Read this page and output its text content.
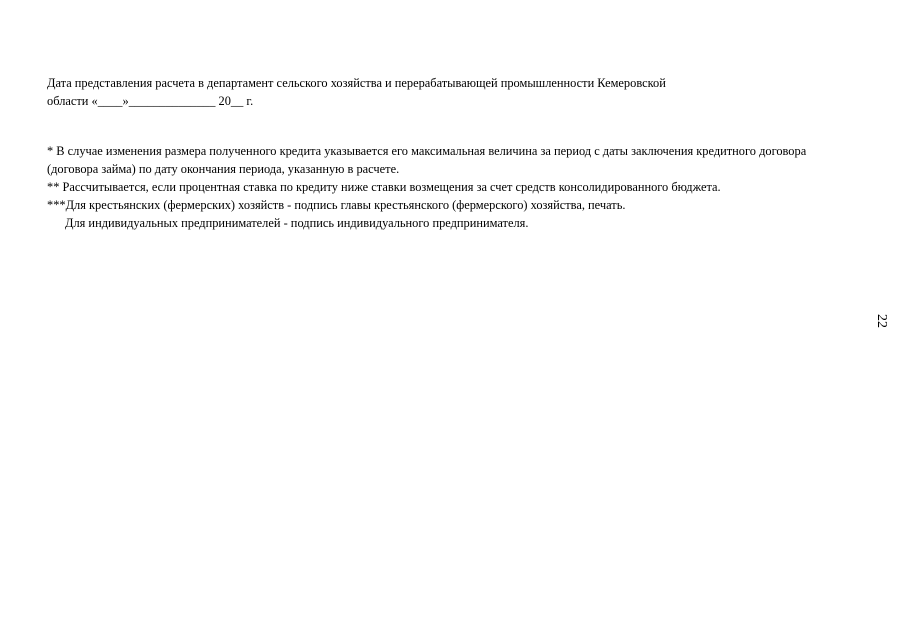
Дата представления расчета в департамент сельского хозяйства и перерабатывающей промышленности Кемеровской
области «____»______________ 20__ г.

* В случае изменения размера полученного кредита указывается его максимальная величина за период с даты заключения кредитного договора (договора займа) по дату окончания периода, указанную в расчете.

** Рассчитывается, если процентная ставка по кредиту ниже ставки возмещения за счет средств консолидированного бюджета.

***Для крестьянских (фермерских) хозяйств - подпись главы крестьянского (фермерского) хозяйства, печать.

Для индивидуальных предпринимателей - подпись индивидуального предпринимателя.

22
